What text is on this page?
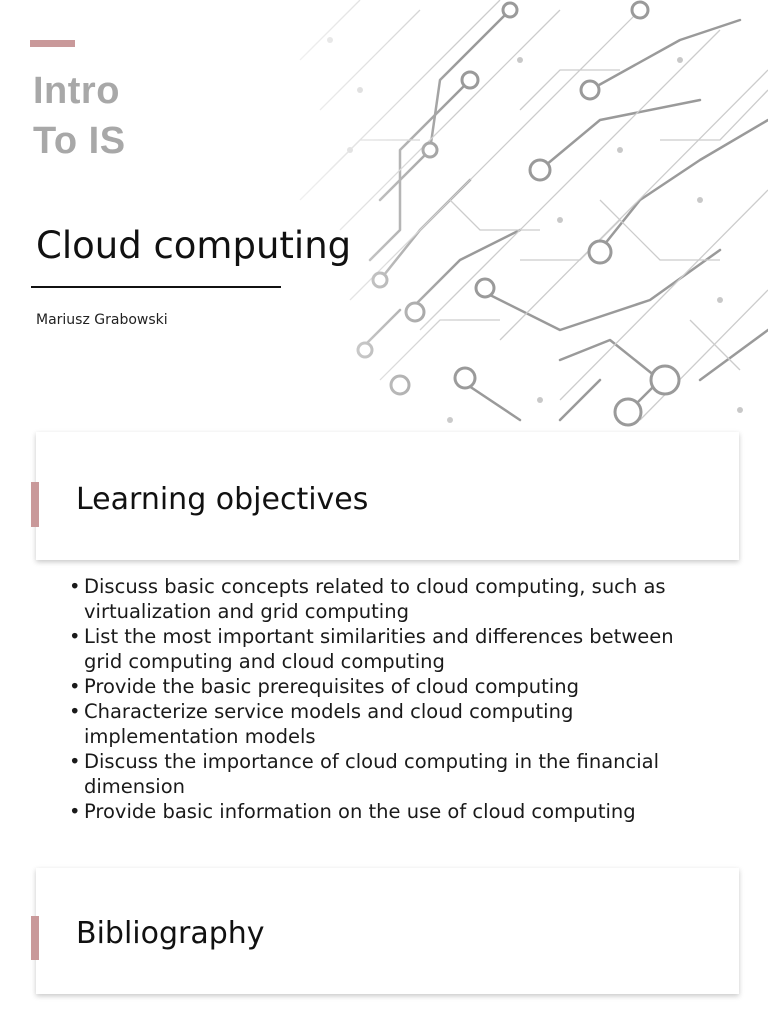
Intro
To IS
Cloud computing
Mariusz Grabowski
Learning objectives
• Discuss basic concepts related to cloud computing, such as virtualization and grid computing
• List the most important similarities and differences between grid computing and cloud computing
• Provide the basic prerequisites of cloud computing
• Characterize service models and cloud computing implementation models
• Discuss the importance of cloud computing in the financial dimension
• Provide basic information on the use of cloud computing
Bibliography
